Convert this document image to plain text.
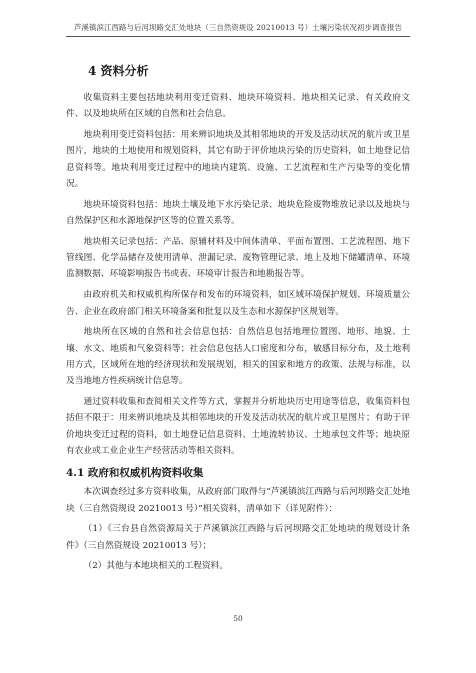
芦溪镇滨江西路与后河坝路交汇处地块（三自然资规设 20210013 号）土壤污染状况初步调查报告
4 资料分析

收集资料主要包括地块利用变迁资料、地块环境资料、地块相关记录、有关政府文件、以及地块所在区域的自然和社会信息。

地块利用变迁资料包括：用来辨识地块及其相邻地块的开发及活动状况的航片或卫星图片，地块的土地使用和规划资料，其它有助于评价地块污染的历史资料，如土地登记信息资料等。地块利用变迁过程中的地块内建筑、设施、工艺流程和生产污染等的变化情况。

地块环境资料包括：地块土壤及地下水污染记录、地块危险废物堆放记录以及地块与自然保护区和水源地保护区等的位置关系等。

地块相关记录包括：产品、原辅材料及中间体清单、平面布置图、工艺流程图、地下管线图、化学品储存及使用清单、泄漏记录、废物管理记录、地上及地下储罐清单、环境监测数据、环境影响报告书或表、环境审计报告和地勘报告等。

由政府机关和权威机构所保存和发布的环境资料，如区域环境保护规划、环境质量公告、企业在政府部门相关环境备案和批复以及生态和水源保护区规划等。

地块所在区域的自然和社会信息包括：自然信息包括地理位置图、地形、地貌、土壤、水文、地质和气象资料等；社会信息包括人口密度和分布，敏感目标分布，及土地利用方式，区域所在地的经济现状和发展规划，相关的国家和地方的政策、法规与标准，以及当地地方性疾病统计信息等。

通过资料收集和查阅相关文件等方式，掌握并分析地块历史用途等信息，收集资料包括但不限于：用来辨识地块及其相邻地块的开发及活动状况的航片或卫星图片；有助于评价地块变迁过程的资料，如土地登记信息资料、土地流转协议、土地承包文件等；地块原有农业或工业企业生产经营活动等相关资料。

4.1 政府和权威机构资料收集

本次调查经过多方资料收集，从政府部门取得与“芦溪镇滨江西路与后河坝路交汇处地块（三自然资规设 20210013 号）”相关资料，清单如下（详见附件）：

（1）《三台县自然资源局关于芦溪镇滨江西路与后河坝路交汇处地块的规划设计条件》（三自然资规设 20210013 号）；

（2）其他与本地块相关的工程资料。

50
